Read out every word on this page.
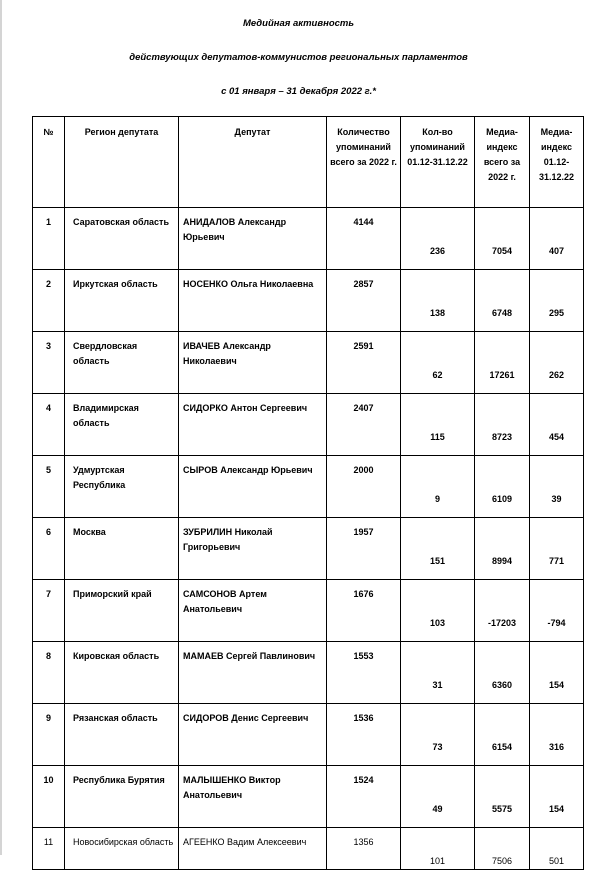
Медийная активность
действующих депутатов-коммунистов региональных парламентов
с 01 января – 31 декабря 2022 г.*
№	Регион депутата	Депутат	Количество упоминаний всего за 2022 г.	Кол-во упоминаний 01.12-31.12.22	Медиа-индекс всего за 2022 г.	Медиа-индекс 01.12-31.12.22
1	Саратовская область	АНИДАЛОВ Александр Юрьевич	4144	236	7054	407
2	Иркутская область	НОСЕНКО Ольга Николаевна	2857	138	6748	295
3	Свердловская область	ИВАЧЕВ Александр Николаевич	2591	62	17261	262
4	Владимирская область	СИДОРКО Антон Сергеевич	2407	115	8723	454
5	Удмуртская Республика	СЫРОВ Александр Юрьевич	2000	9	6109	39
6	Москва	ЗУБРИЛИН Николай Григорьевич	1957	151	8994	771
7	Приморский край	САМСОНОВ Артем Анатольевич	1676	103	-17203	-794
8	Кировская область	МАМАЕВ Сергей Павлинович	1553	31	6360	154
9	Рязанская область	СИДОРОВ Денис Сергеевич	1536	73	6154	316
10	Республика Бурятия	МАЛЫШЕНКО Виктор Анатольевич	1524	49	5575	154
11	Новосибирская область	АГЕЕНКО Вадим Алексеевич	1356	101	7506	501
